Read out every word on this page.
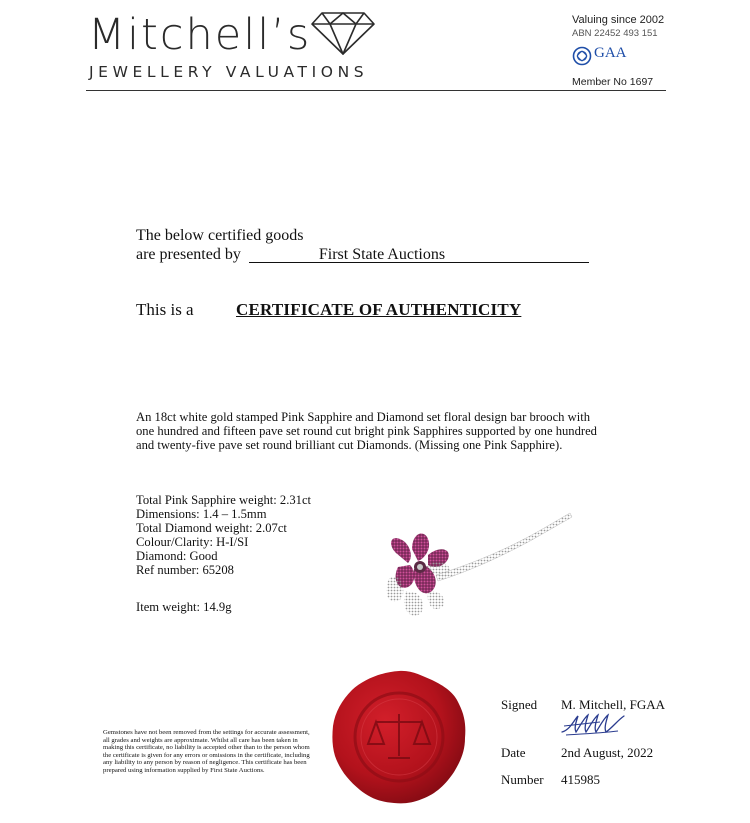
Mitchell’s
JEWELLERY VALUATIONS
Valuing since 2002
ABN 22452 493 151
GAA
Member No 1697
The below certified goods
are presented by	First State Auctions
This is a CERTIFICATE OF AUTHENTICITY
An 18ct white gold stamped Pink Sapphire and Diamond set floral design bar brooch with one hundred and fifteen pave set round cut bright pink Sapphires supported by one hundred and twenty-five pave set round brilliant cut Diamonds. (Missing one Pink Sapphire).
Total Pink Sapphire weight: 2.31ct
Dimensions: 1.4 – 1.5mm
Total Diamond weight: 2.07ct
Colour/Clarity: H-I/SI
Diamond: Good
Ref number: 65208
Item weight: 14.9g
Gemstones have not been removed from the settings for accurate assessment, all grades and weights are approximate. Whilst all care has been taken in making this certificate, no liability is accepted other than to the person whom the certificate is given for any errors or omissions in the certificate, including any liability to any person by reason of negligence. This certificate has been prepared using information supplied by First State Auctions.
Signed M. Mitchell, FGAA
Date	2nd August, 2022
Number 415985
